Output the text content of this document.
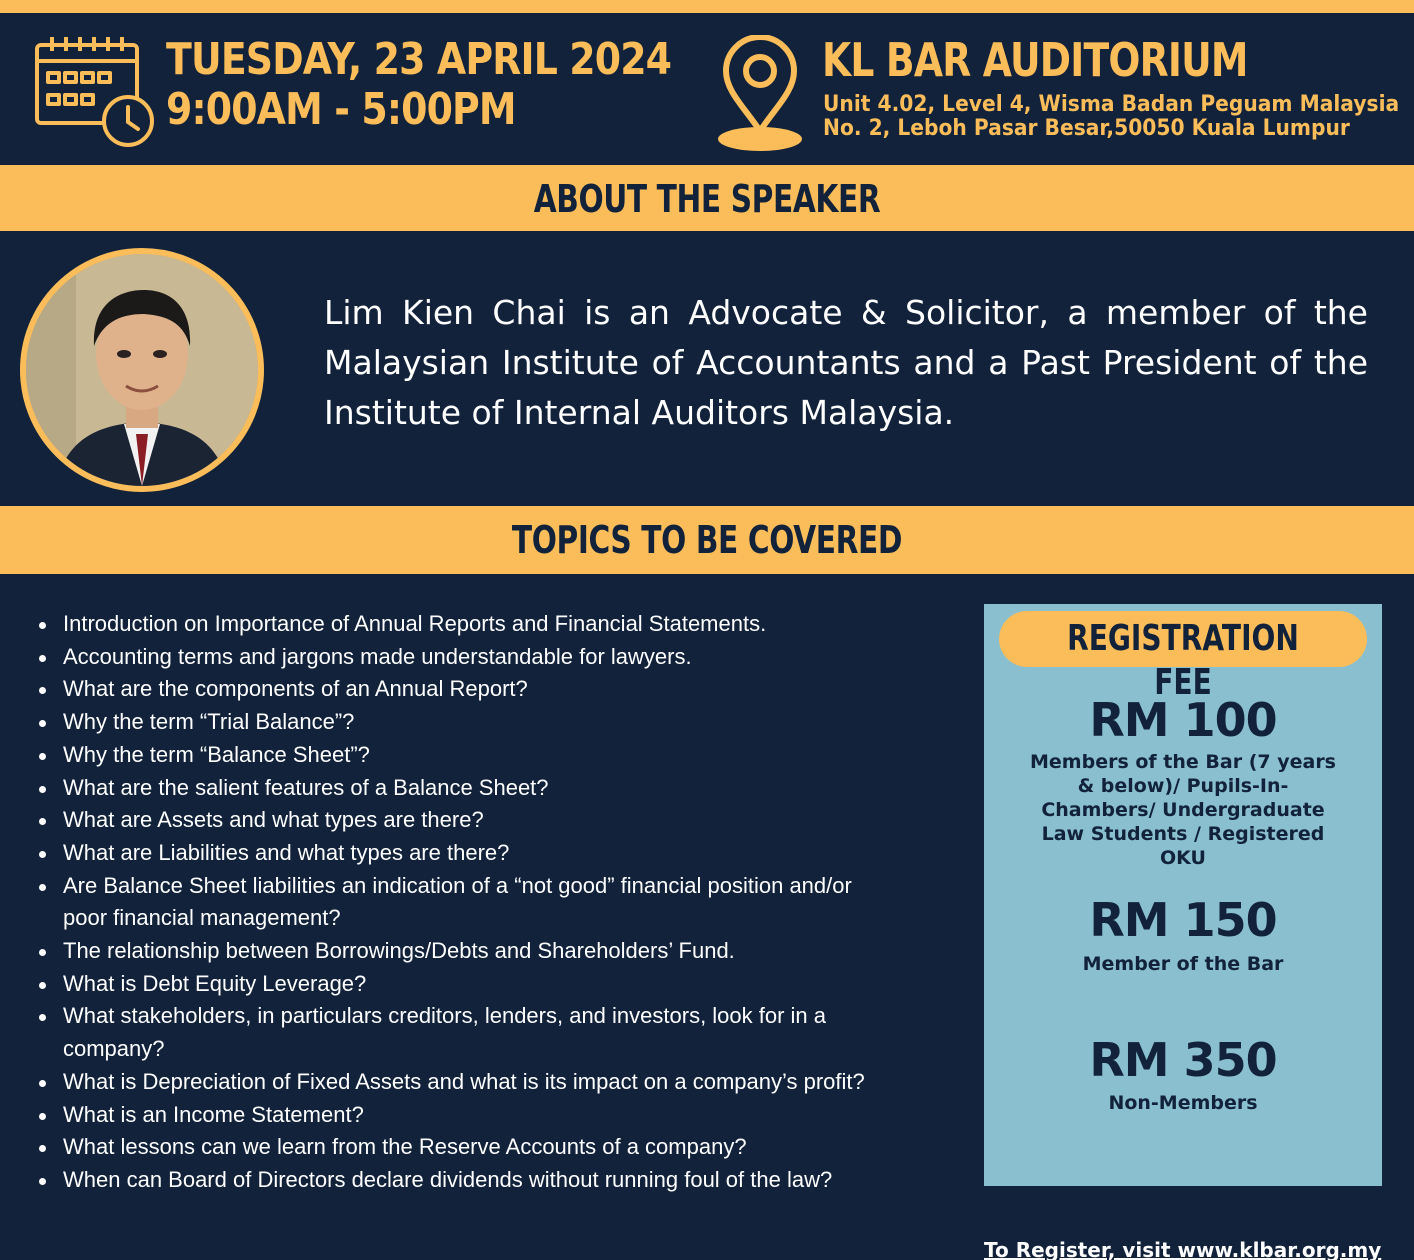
TUESDAY, 23 APRIL 2024
9:00AM - 5:00PM
KL BAR AUDITORIUM
Unit 4.02, Level 4, Wisma Badan Peguam Malaysia
No. 2, Leboh Pasar Besar,50050 Kuala Lumpur
ABOUT THE SPEAKER
Lim Kien Chai is an Advocate & Solicitor, a member of the Malaysian Institute of Accountants and a Past President of the Institute of Internal Auditors Malaysia.
TOPICS TO BE COVERED
Introduction on Importance of Annual Reports and Financial Statements.
Accounting terms and jargons made understandable for lawyers.
What are the components of an Annual Report?
Why the term “Trial Balance”?
Why the term “Balance Sheet”?
What are the salient features of a Balance Sheet?
What are Assets and what types are there?
What are Liabilities and what types are there?
Are Balance Sheet liabilities an indication of a “not good” financial position and/or poor financial management?
The relationship between Borrowings/Debts and Shareholders’ Fund.
What is Debt Equity Leverage?
What stakeholders, in particulars creditors, lenders, and investors, look for in a company?
What is Depreciation of Fixed Assets and what is its impact on a company’s profit?
What is an Income Statement?
What lessons can we learn from the Reserve Accounts of a company?
When can Board of Directors declare dividends without running foul of the law?
REGISTRATION FEE
RM 100
Members of the Bar (7 years & below)/ Pupils-In-Chambers/ Undergraduate Law Students / Registered OKU
RM 150
Member of the Bar
RM 350
Non-Members
To Register, visit www.klbar.org.my
